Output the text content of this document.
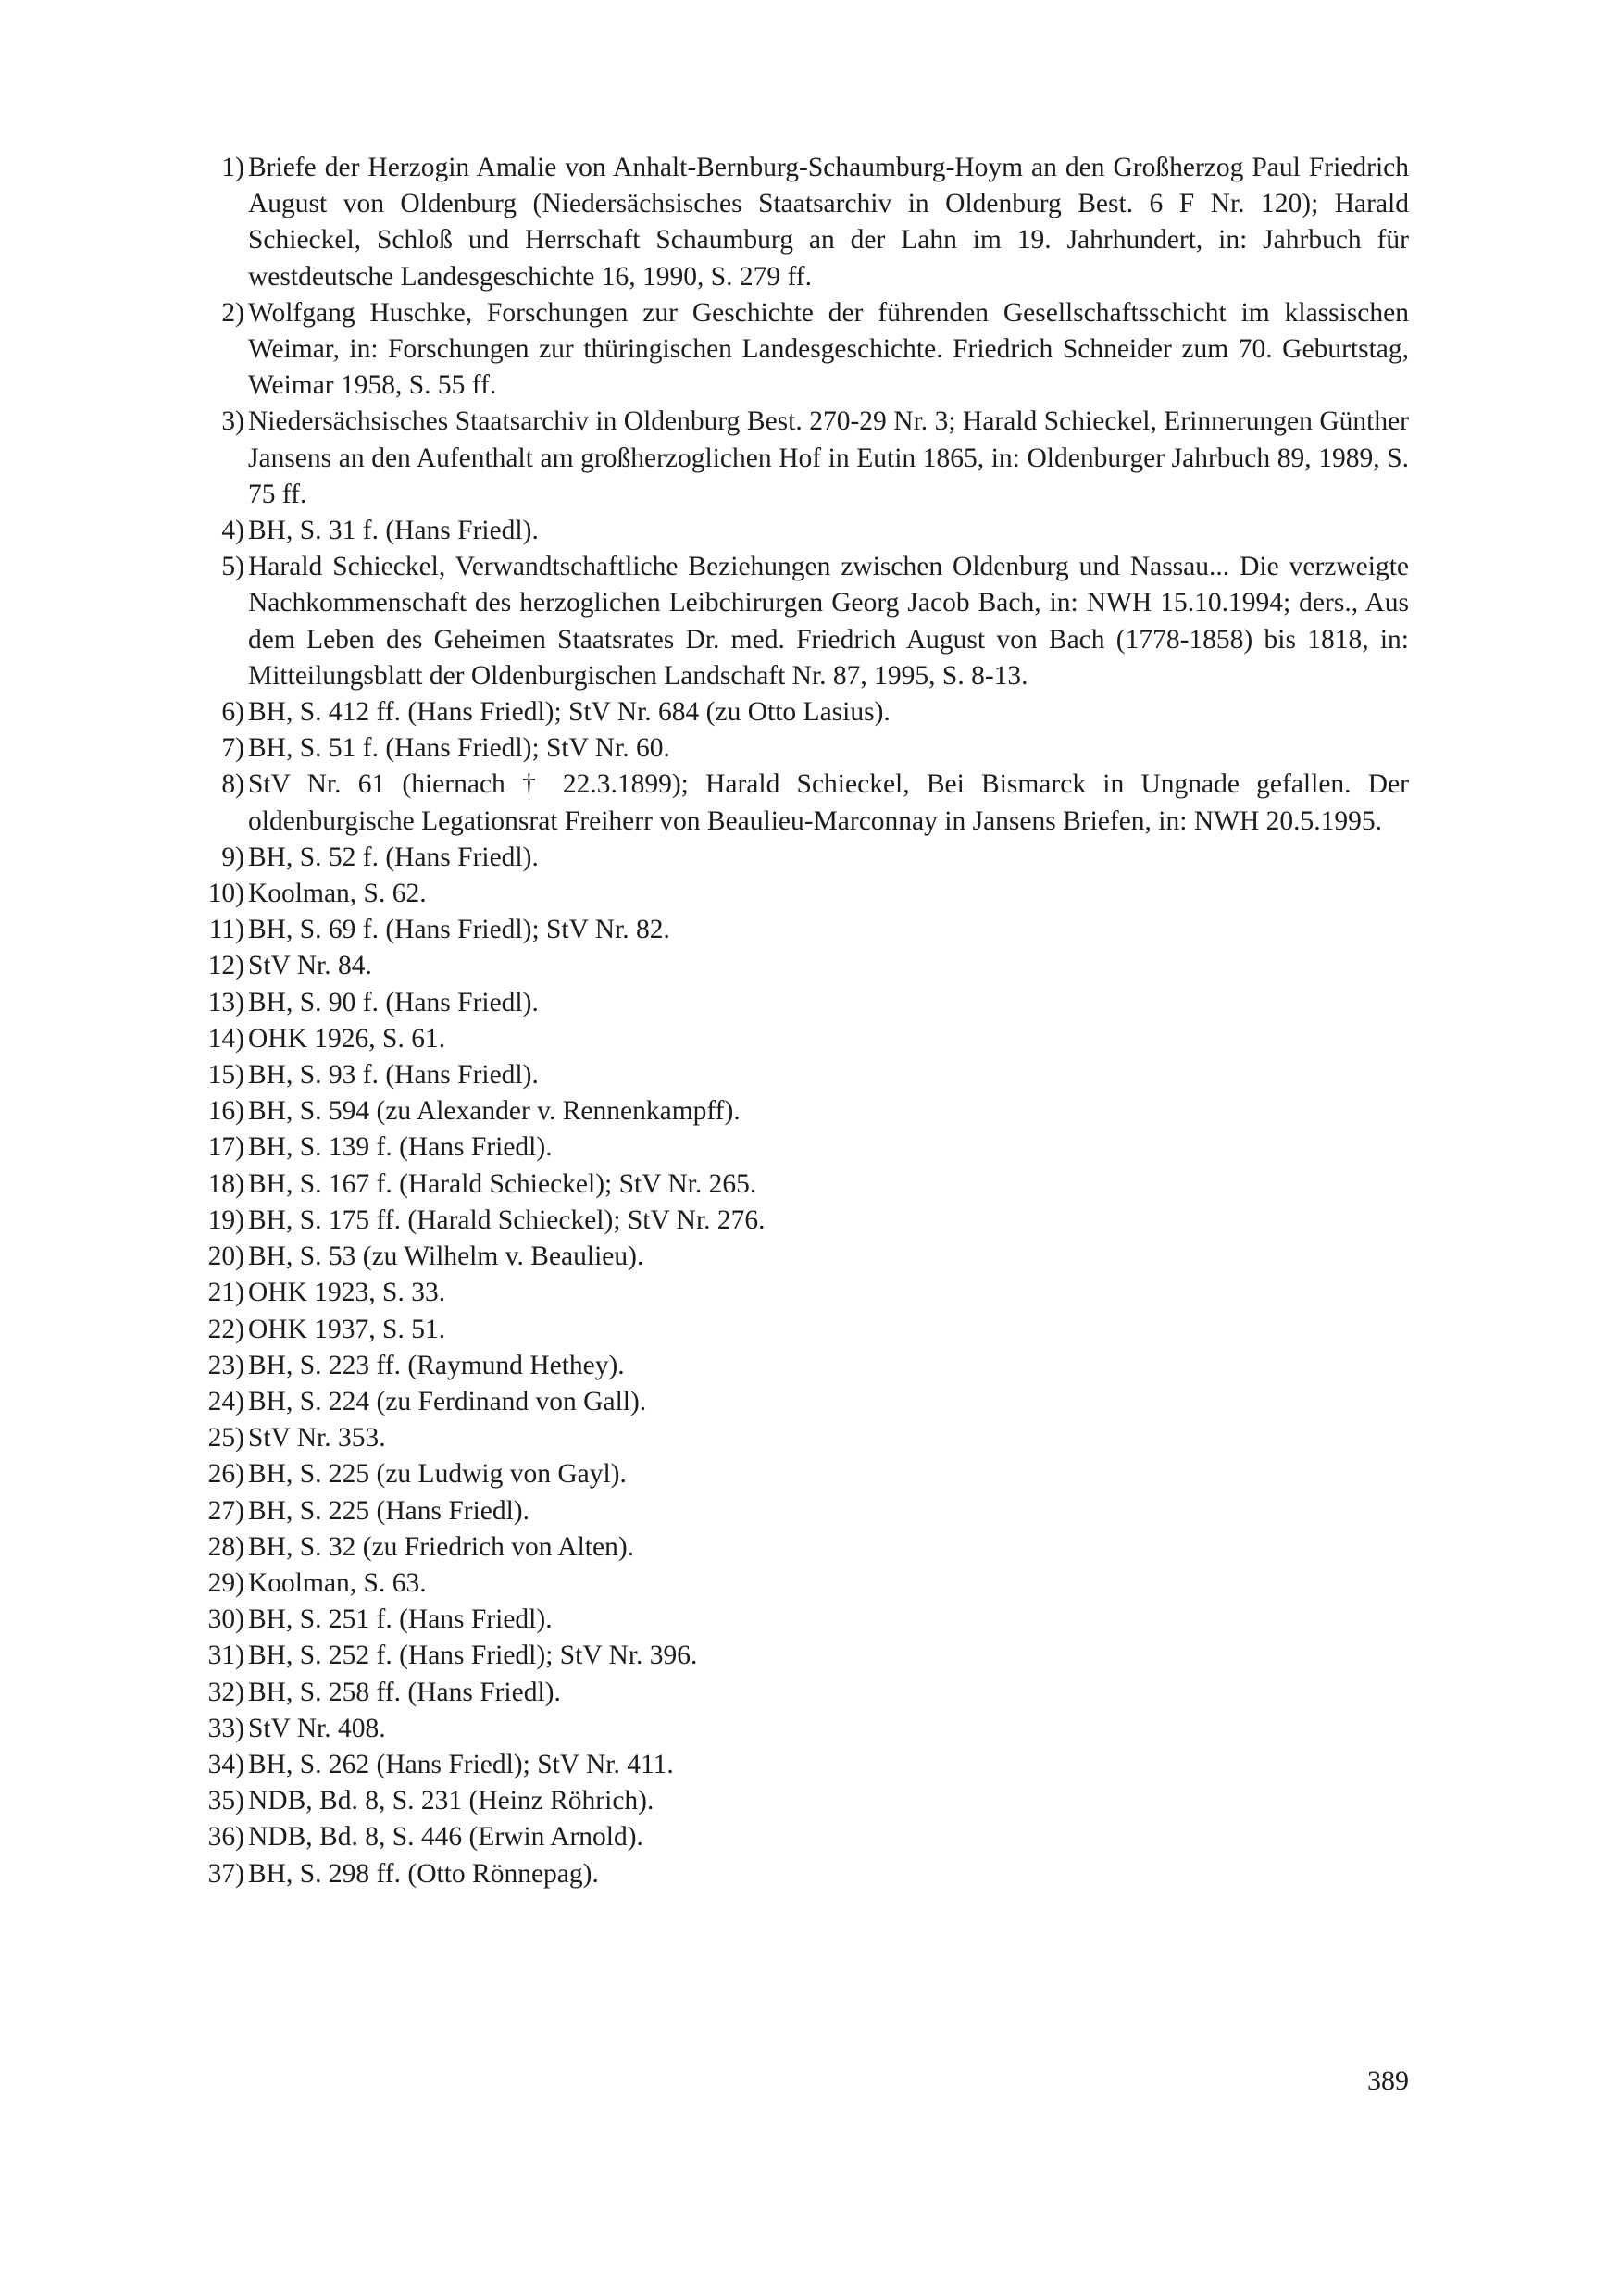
1) Briefe der Herzogin Amalie von Anhalt-Bernburg-Schaumburg-Hoym an den Großherzog Paul Friedrich August von Oldenburg (Niedersächsisches Staatsarchiv in Oldenburg Best. 6 F Nr. 120); Harald Schieckel, Schloß und Herrschaft Schaumburg an der Lahn im 19. Jahrhundert, in: Jahrbuch für westdeutsche Landesgeschichte 16, 1990, S. 279 ff.
2) Wolfgang Huschke, Forschungen zur Geschichte der führenden Gesellschaftsschicht im klassischen Weimar, in: Forschungen zur thüringischen Landesgeschichte. Friedrich Schneider zum 70. Geburtstag, Weimar 1958, S. 55 ff.
3) Niedersächsisches Staatsarchiv in Oldenburg Best. 270-29 Nr. 3; Harald Schieckel, Erinnerungen Günther Jansens an den Aufenthalt am großherzoglichen Hof in Eutin 1865, in: Oldenburger Jahrbuch 89, 1989, S. 75 ff.
4) BH, S. 31 f. (Hans Friedl).
5) Harald Schieckel, Verwandtschaftliche Beziehungen zwischen Oldenburg und Nassau... Die verzweigte Nachkommenschaft des herzoglichen Leibchirurgen Georg Jacob Bach, in: NWH 15.10.1994; ders., Aus dem Leben des Geheimen Staatsrates Dr. med. Friedrich August von Bach (1778-1858) bis 1818, in: Mitteilungsblatt der Oldenburgischen Landschaft Nr. 87, 1995, S. 8-13.
6) BH, S. 412 ff. (Hans Friedl); StV Nr. 684 (zu Otto Lasius).
7) BH, S. 51 f. (Hans Friedl); StV Nr. 60.
8) StV Nr. 61 (hiernach † 22.3.1899); Harald Schieckel, Bei Bismarck in Ungnade gefallen. Der oldenburgische Legationsrat Freiherr von Beaulieu-Marconnay in Jansens Briefen, in: NWH 20.5.1995.
9) BH, S. 52 f. (Hans Friedl).
10) Koolman, S. 62.
11) BH, S. 69 f. (Hans Friedl); StV Nr. 82.
12) StV Nr. 84.
13) BH, S. 90 f. (Hans Friedl).
14) OHK 1926, S. 61.
15) BH, S. 93 f. (Hans Friedl).
16) BH, S. 594 (zu Alexander v. Rennenkampff).
17) BH, S. 139 f. (Hans Friedl).
18) BH, S. 167 f. (Harald Schieckel); StV Nr. 265.
19) BH, S. 175 ff. (Harald Schieckel); StV Nr. 276.
20) BH, S. 53 (zu Wilhelm v. Beaulieu).
21) OHK 1923, S. 33.
22) OHK 1937, S. 51.
23) BH, S. 223 ff. (Raymund Hethey).
24) BH, S. 224 (zu Ferdinand von Gall).
25) StV Nr. 353.
26) BH, S. 225 (zu Ludwig von Gayl).
27) BH, S. 225 (Hans Friedl).
28) BH, S. 32 (zu Friedrich von Alten).
29) Koolman, S. 63.
30) BH, S. 251 f. (Hans Friedl).
31) BH, S. 252 f. (Hans Friedl); StV Nr. 396.
32) BH, S. 258 ff. (Hans Friedl).
33) StV Nr. 408.
34) BH, S. 262 (Hans Friedl); StV Nr. 411.
35) NDB, Bd. 8, S. 231 (Heinz Röhrich).
36) NDB, Bd. 8, S. 446 (Erwin Arnold).
37) BH, S. 298 ff. (Otto Rönnepag).
389
